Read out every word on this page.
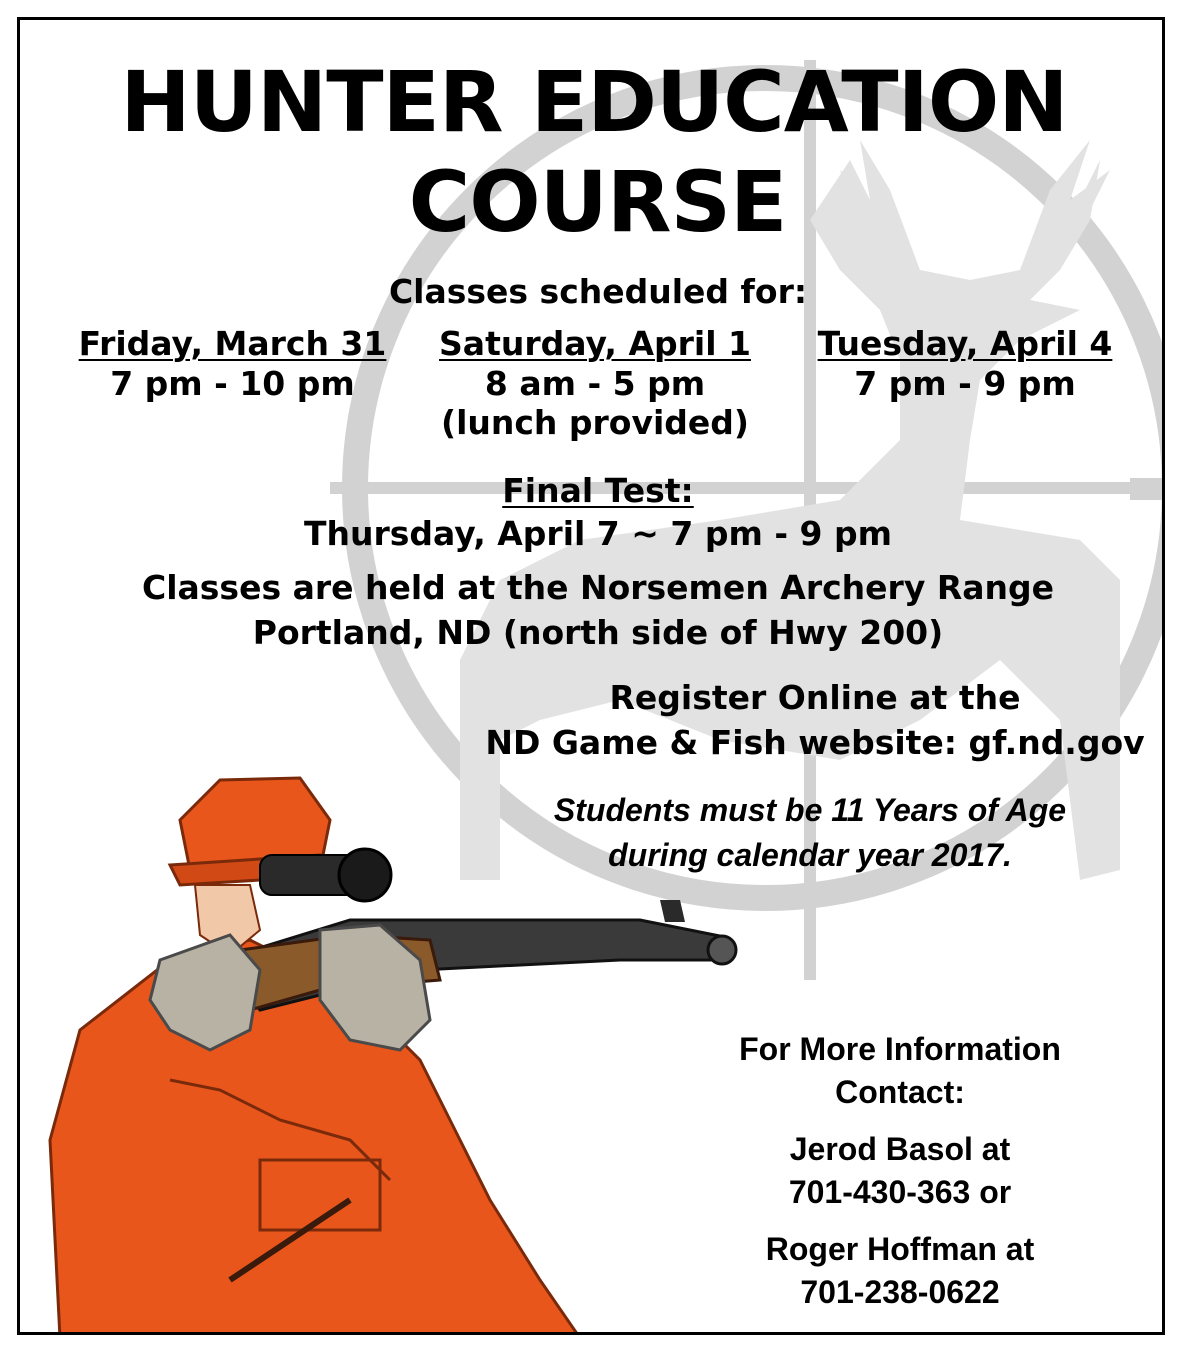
HUNTER EDUCATION
COURSE
Classes scheduled for:
Friday, March 31
7 pm - 10 pm
Saturday, April 1
8 am - 5 pm
(lunch provided)
Tuesday, April 4
7 pm - 9 pm
Final Test:
Thursday, April 7 ~ 7 pm - 9 pm
Classes are held at the Norsemen Archery Range
Portland, ND (north side of Hwy 200)
Register Online at the
ND Game & Fish website: gf.nd.gov
Students must be 11 Years of Age
during calendar year 2017.
For More Information
Contact:
Jerod Basol at
701-430-363 or
Roger Hoffman at
701-238-0622
